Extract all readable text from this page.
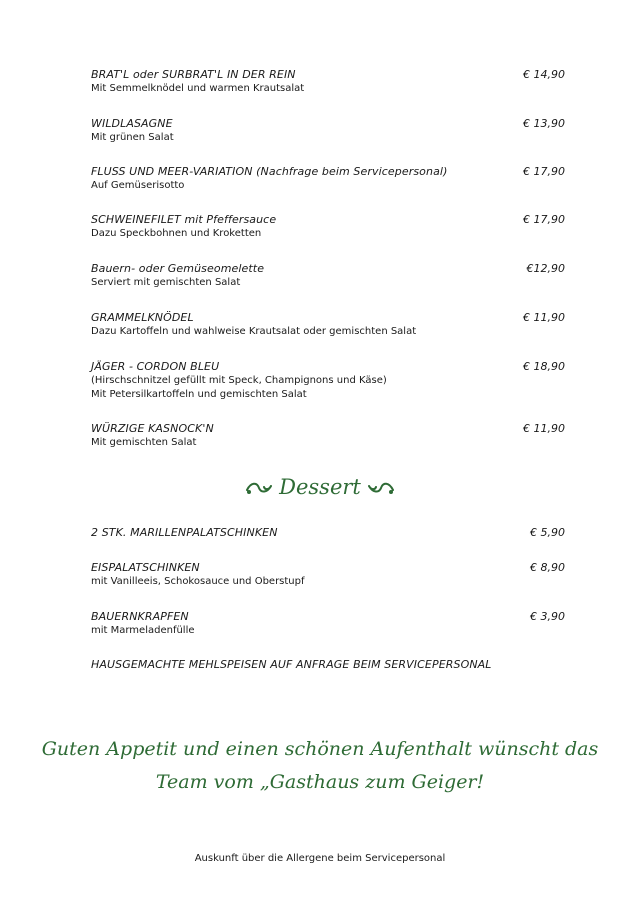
BRAT'L oder SURBRAT'L IN DER REIN	€ 14,90
Mit Semmelknödel und warmen Krautsalat
WILDLASAGNE	€ 13,90
Mit grünen Salat
FLUSS UND MEER-VARIATION (Nachfrage beim Servicepersonal)	€ 17,90
Auf Gemüserisotto
SCHWEINEFILET mit Pfeffersauce	€ 17,90
Dazu Speckbohnen und Kroketten
Bauern- oder Gemüseomelette	€12,90
Serviert mit gemischten Salat
GRAMMELKNÖDEL	€ 11,90
Dazu Kartoffeln und wahlweise Krautsalat oder gemischten Salat
JÄGER - CORDON BLEU	€ 18,90
(Hirschschnitzel gefüllt mit Speck, Champignons und Käse)
Mit Petersilkartoffeln und gemischten Salat
WÜRZIGE KASNOCK'N	€ 11,90
Mit gemischten Salat
2 STK. MARILLENPALATSCHINKEN	€ 5,90
EISPALATSCHINKEN	€ 8,90
mit Vanilleeis, Schokosauce und Oberstupf
BAUERNKRAPFEN	€ 3,90
mit Marmeladenfülle
HAUSGEMACHTE MEHLSPEISEN AUF ANFRAGE BEIM SERVICEPERSONAL
Dessert
Guten Appetit und einen schönen Aufenthalt wünscht das
Team vom „Gasthaus zum Geiger!
Auskunft über die Allergene beim Servicepersonal
